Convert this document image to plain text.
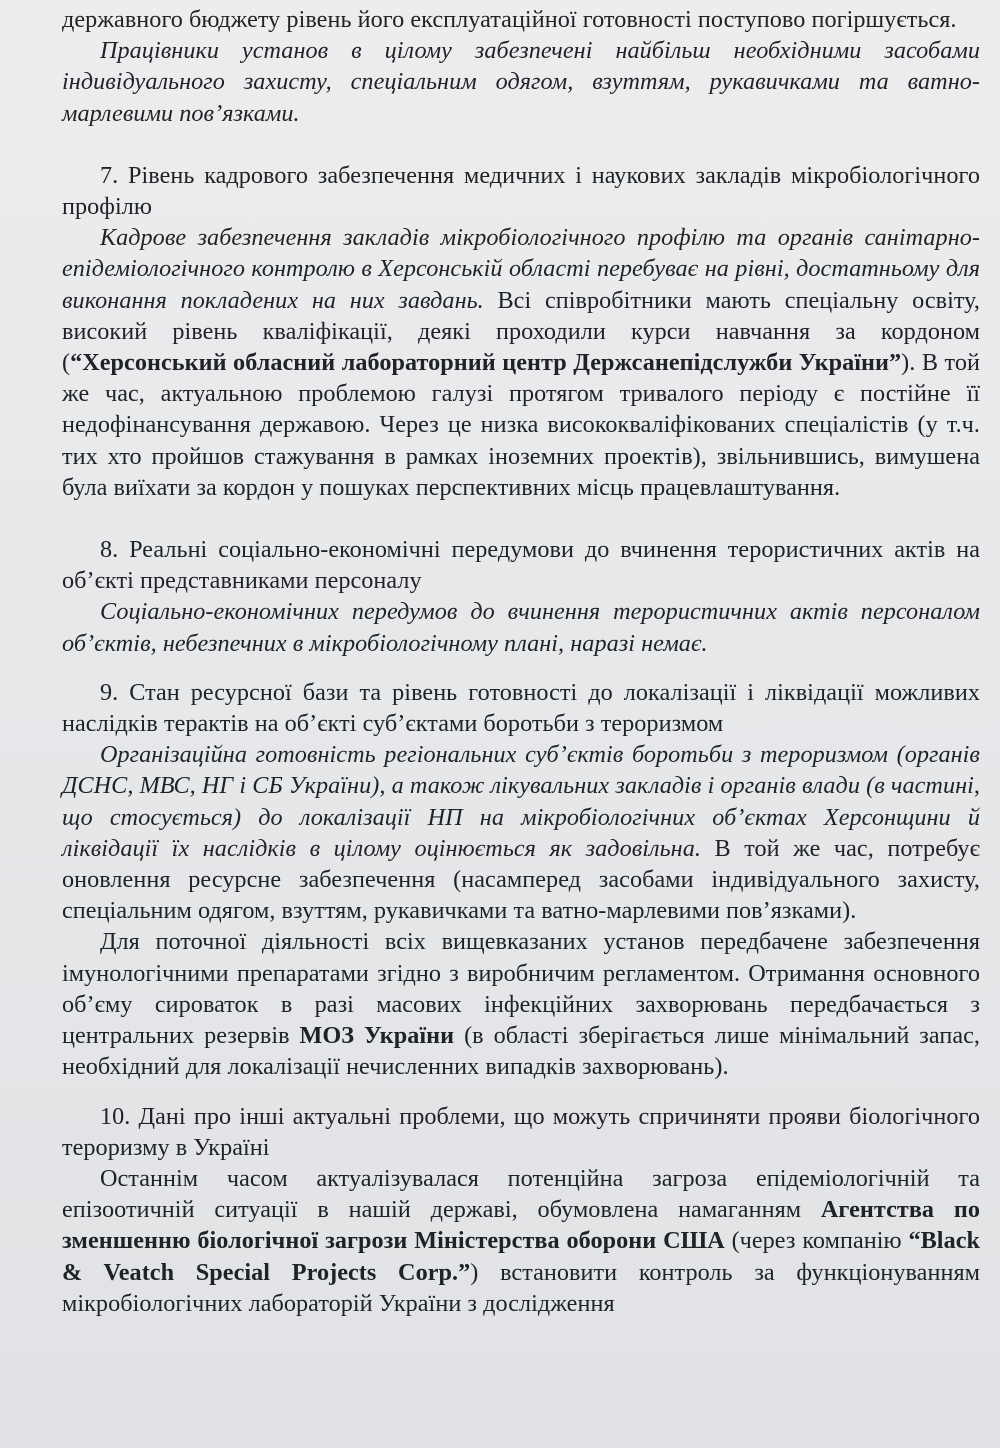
державного бюджету рівень його експлуатаційної готовності поступово погіршується.

Працівники установ в цілому забезпечені найбільш необхідними засобами індивідуального захисту, спеціальним одягом, взуттям, рукавичками та ватно-марлевими пов’язками.

7. Рівень кадрового забезпечення медичних і наукових закладів мікробіологічного профілю

Кадрове забезпечення закладів мікробіологічного профілю та органів санітарно-епідеміологічного контролю в Херсонській області перебуває на рівні, достатньому для виконання покладених на них завдань. Всі співробітники мають спеціальну освіту, високий рівень кваліфікації, деякі проходили курси навчання за кордоном (“Херсонський обласний лабораторний центр Держсанепідслужби України”). В той же час, актуальною проблемою галузі протягом тривалого періоду є постійне її недофінансування державою. Через це низка висококваліфікованих спеціалістів (у т.ч. тих хто пройшов стажування в рамках іноземних проектів), звільнившись, вимушена була виїхати за кордон у пошуках перспективних місць працевлаштування.

8. Реальні соціально-економічні передумови до вчинення терористичних актів на об’єкті представниками персоналу

Соціально-економічних передумов до вчинення терористичних актів персоналом об’єктів, небезпечних в мікробіологічному плані, наразі немає.

9. Стан ресурсної бази та рівень готовності до локалізації і ліквідації можливих наслідків терактів на об’єкті суб’єктами боротьби з тероризмом

Організаційна готовність регіональних суб’єктів боротьби з тероризмом (органів ДСНС, МВС, НГ і СБ України), а також лікувальних закладів і органів влади (в частині, що стосується) до локалізації НП на мікробіологічних об’єктах Херсонщини й ліквідації їх наслідків в цілому оцінюється як задовільна. В той же час, потребує оновлення ресурсне забезпечення (насамперед засобами індивідуального захисту, спеціальним одягом, взуттям, рукавичками та ватно-марлевими пов’язками).

Для поточної діяльності всіх вищевказаних установ передбачене забезпечення імунологічними препаратами згідно з виробничим регламентом. Отримання основного об’єму сироваток в разі масових інфекційних захворювань передбачається з центральних резервів МОЗ України (в області зберігається лише мінімальний запас, необхідний для локалізації нечисленних випадків захворювань).

10. Дані про інші актуальні проблеми, що можуть спричиняти прояви біологічного тероризму в Україні

Останнім часом актуалізувалася потенційна загроза епідеміологічній та епізоотичній ситуації в нашій державі, обумовлена намаганням Агентства по зменшенню біологічної загрози Міністерства оборони США (через компанію “Black & Veatch Special Projects Corp.”) встановити контроль за функціонуванням мікробіологічних лабораторій України з дослідження
